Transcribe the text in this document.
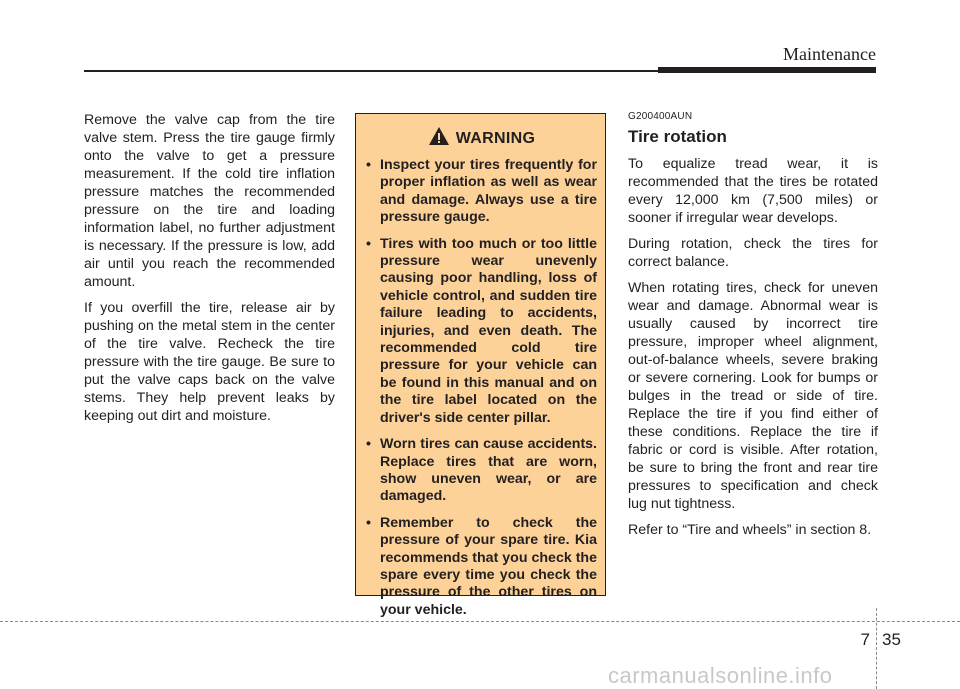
Maintenance

Remove the valve cap from the tire valve stem. Press the tire gauge firmly onto the valve to get a pressure measurement. If the cold tire inflation pressure matches the recommended pressure on the tire and loading information label, no further adjustment is necessary. If the pressure is low, add air until you reach the recommended amount.

If you overfill the tire, release air by pushing on the metal stem in the center of the tire valve. Recheck the tire pressure with the tire gauge. Be sure to put the valve caps back on the valve stems. They help prevent leaks by keeping out dirt and moisture.

WARNING
• Inspect your tires frequently for proper inflation as well as wear and damage. Always use a tire pressure gauge.
• Tires with too much or too little pressure wear unevenly causing poor handling, loss of vehicle control, and sudden tire failure leading to accidents, injuries, and even death. The recommended cold tire pressure for your vehicle can be found in this manual and on the tire label located on the driver's side center pillar.
• Worn tires can cause accidents. Replace tires that are worn, show uneven wear, or are damaged.
• Remember to check the pressure of your spare tire. Kia recommends that you check the spare every time you check the pressure of the other tires on your vehicle.
G200400AUN
Tire rotation

To equalize tread wear, it is recommended that the tires be rotated every 12,000 km (7,500 miles) or sooner if irregular wear develops.

During rotation, check the tires for correct balance.

When rotating tires, check for uneven wear and damage. Abnormal wear is usually caused by incorrect tire pressure, improper wheel alignment, out-of-balance wheels, severe braking or severe cornering. Look for bumps or bulges in the tread or side of tire. Replace the tire if you find either of these conditions. Replace the tire if fabric or cord is visible. After rotation, be sure to bring the front and rear tire pressures to specification and check lug nut tightness.

Refer to “Tire and wheels” in section 8.

7 35
carmanualsonline.info
